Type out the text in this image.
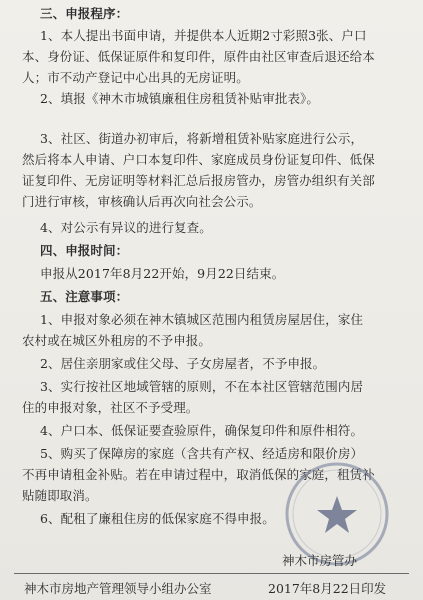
三、申报程序：
1、本人提出书面申请，并提供本人近期2寸彩照3张、户口
本、身份证、低保证原件和复印件，原件由社区审查后退还给本
人；市不动产登记中心出具的无房证明。
2、填报《神木市城镇廉租住房租赁补贴审批表》。
3、社区、街道办初审后，将新增租赁补贴家庭进行公示，
然后将本人申请、户口本复印件、家庭成员身份证复印件、低保
证复印件、无房证明等材料汇总后报房管办，房管办组织有关部
门进行审核，审核确认后再次向社会公示。
4、对公示有异议的进行复查。
四、申报时间：
申报从2017年8月22开始，9月22日结束。
五、注意事项：
1、申报对象必须在神木镇城区范围内租赁房屋居住，家住
农村或在城区外租房的不予申报。
2、居住亲朋家或住父母、子女房屋者，不予申报。
3、实行按社区地域管辖的原则，不在本社区管辖范围内居
住的申报对象，社区不予受理。
4、户口本、低保证要查验原件，确保复印件和原件相符。
5、购买了保障房的家庭（含共有产权、经适房和限价房）
不再申请租金补贴。若在申请过程中，取消低保的家庭，租赁补
贴随即取消。
6、配租了廉租住房的低保家庭不得申报。
神木市房管办
神木市房地产管理领导小组办公室	2017年8月22日印发
